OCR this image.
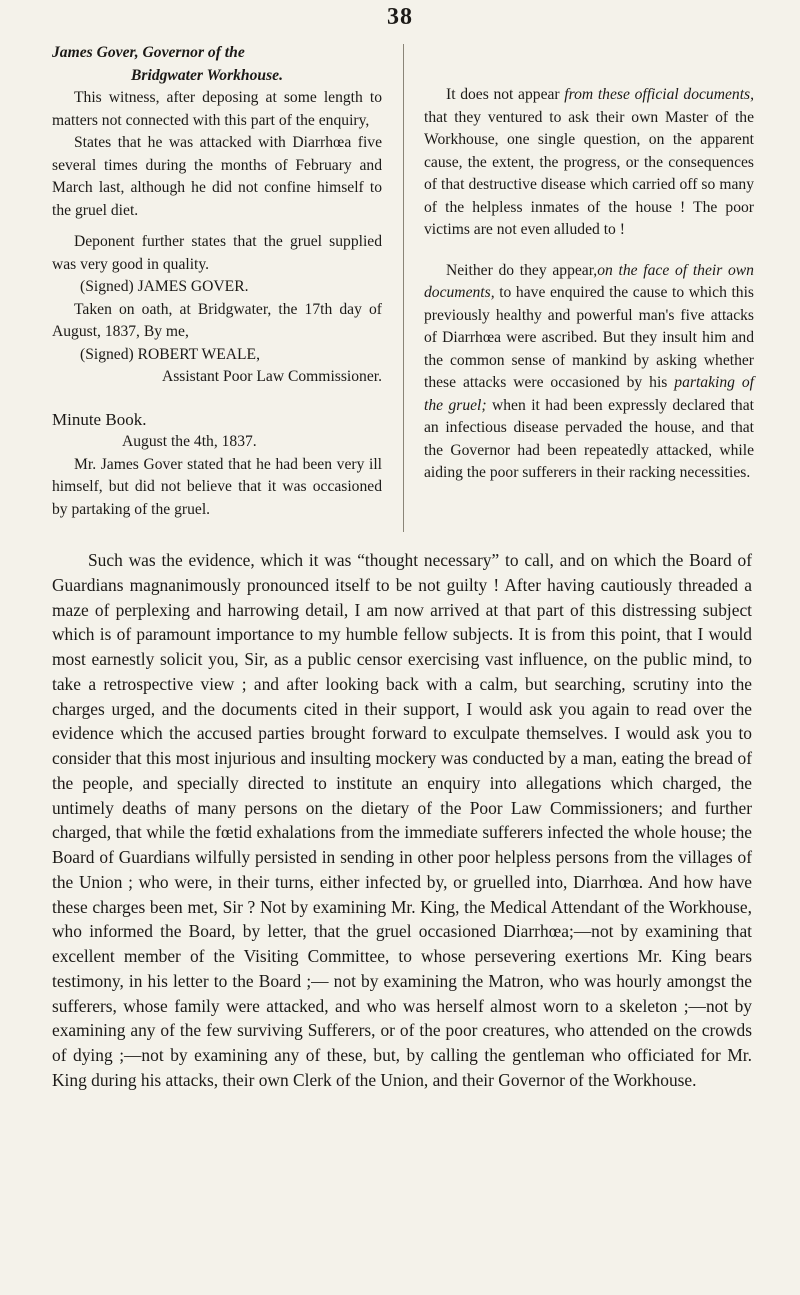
38

James Gover, Governor of the

Bridgwater Workhouse.

This witness, after deposing at some length to matters not connected with this part of the enquiry,

States that he was attacked with Diarrhœa five several times during the months of February and March last, although he did not confine himself to the gruel diet.

Deponent further states that the gruel supplied was very good in quality.

(Signed) JAMES GOVER.

Taken on oath, at Bridgwater, the 17th day of August, 1837, By me,

(Signed) ROBERT WEALE,

Assistant Poor Law Commissioner.

Minute Book.

August the 4th, 1837.

Mr. James Gover stated that he had been very ill himself, but did not believe that it was occasioned by partaking of the gruel.

It does not appear from these official documents, that they ventured to ask their own Master of the Workhouse, one single question, on the apparent cause, the extent, the progress, or the consequences of that destructive disease which carried off so many of the helpless inmates of the house ! The poor victims are not even alluded to !

Neither do they appear,on the face of their own documents, to have enquired the cause to which this previously healthy and powerful man's five attacks of Diarrhœa were ascribed. But they insult him and the common sense of mankind by asking whether these attacks were occasioned by his partaking of the gruel; when it had been expressly declared that an infectious disease pervaded the house, and that the Governor had been repeatedly attacked, while aiding the poor sufferers in their racking necessities.

Such was the evidence, which it was “thought necessary” to call, and on which the Board of Guardians magnanimously pronounced itself to be not guilty ! After having cautiously threaded a maze of perplexing and harrowing detail, I am now arrived at that part of this distressing subject which is of paramount importance to my humble fellow subjects. It is from this point, that I would most earnestly solicit you, Sir, as a public censor exercising vast influence, on the public mind, to take a retrospective view ; and after looking back with a calm, but searching, scrutiny into the charges urged, and the documents cited in their support, I would ask you again to read over the evidence which the accused parties brought forward to exculpate themselves. I would ask you to consider that this most injurious and insulting mockery was conducted by a man, eating the bread of the people, and specially directed to institute an enquiry into allegations which charged, the untimely deaths of many persons on the dietary of the Poor Law Commissioners; and further charged, that while the fœtid exhalations from the immediate sufferers infected the whole house; the Board of Guardians wilfully persisted in sending in other poor helpless persons from the villages of the Union ; who were, in their turns, either infected by, or gruelled into, Diarrhœa. And how have these charges been met, Sir ? Not by examining Mr. King, the Medical Attendant of the Workhouse, who informed the Board, by letter, that the gruel occasioned Diarrhœa;—not by examining that excellent member of the Visiting Committee, to whose persevering exertions Mr. King bears testimony, in his letter to the Board ;— not by examining the Matron, who was hourly amongst the sufferers, whose family were attacked, and who was herself almost worn to a skeleton ;—not by examining any of the few surviving Sufferers, or of the poor creatures, who attended on the crowds of dying ;—not by examining any of these, but, by calling the gentleman who officiated for Mr. King during his attacks, their own Clerk of the Union, and their Governor of the Workhouse.
